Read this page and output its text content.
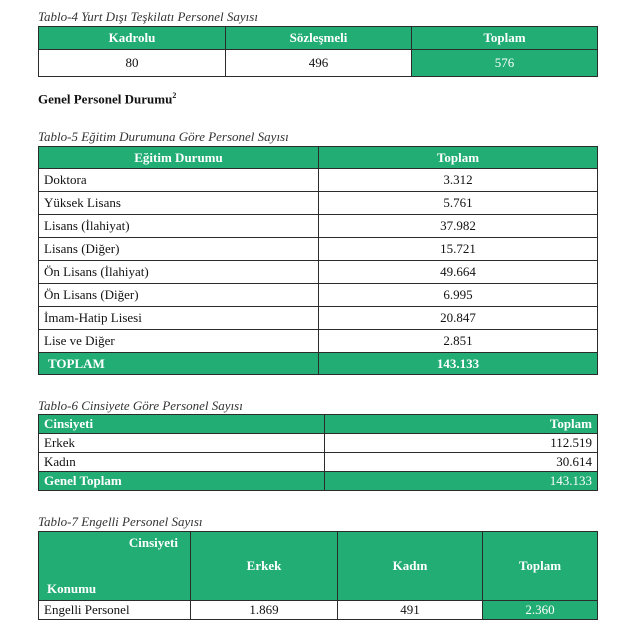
Tablo-4 Yurt Dışı Teşkilatı Personel Sayısı
Kadrolu	Sözleşmeli	Toplam
80	496	576
Genel Personel Durumu$^2$
Tablo-5 Eğitim Durumuna Göre Personel Sayısı
Eğitim Durumu	Toplam
Doktora	3.312
Yüksek Lisans	5.761
Lisans (İlahiyat)	37.982
Lisans (Diğer)	15.721
Ön Lisans (İlahiyat)	49.664
Ön Lisans (Diğer)	6.995
İmam-Hatip Lisesi	20.847
Lise ve Diğer	2.851
TOPLAM	143.133
Tablo-6 Cinsiyete Göre Personel Sayısı
Cinsiyeti	Toplam
Erkek	112.519
Kadın	30.614
Genel Toplam	143.133
Tablo-7 Engelli Personel Sayısı
Cinsiyeti
Konumu	Erkek	Kadın	Toplam
Engelli Personel	1.869	491	2.360
